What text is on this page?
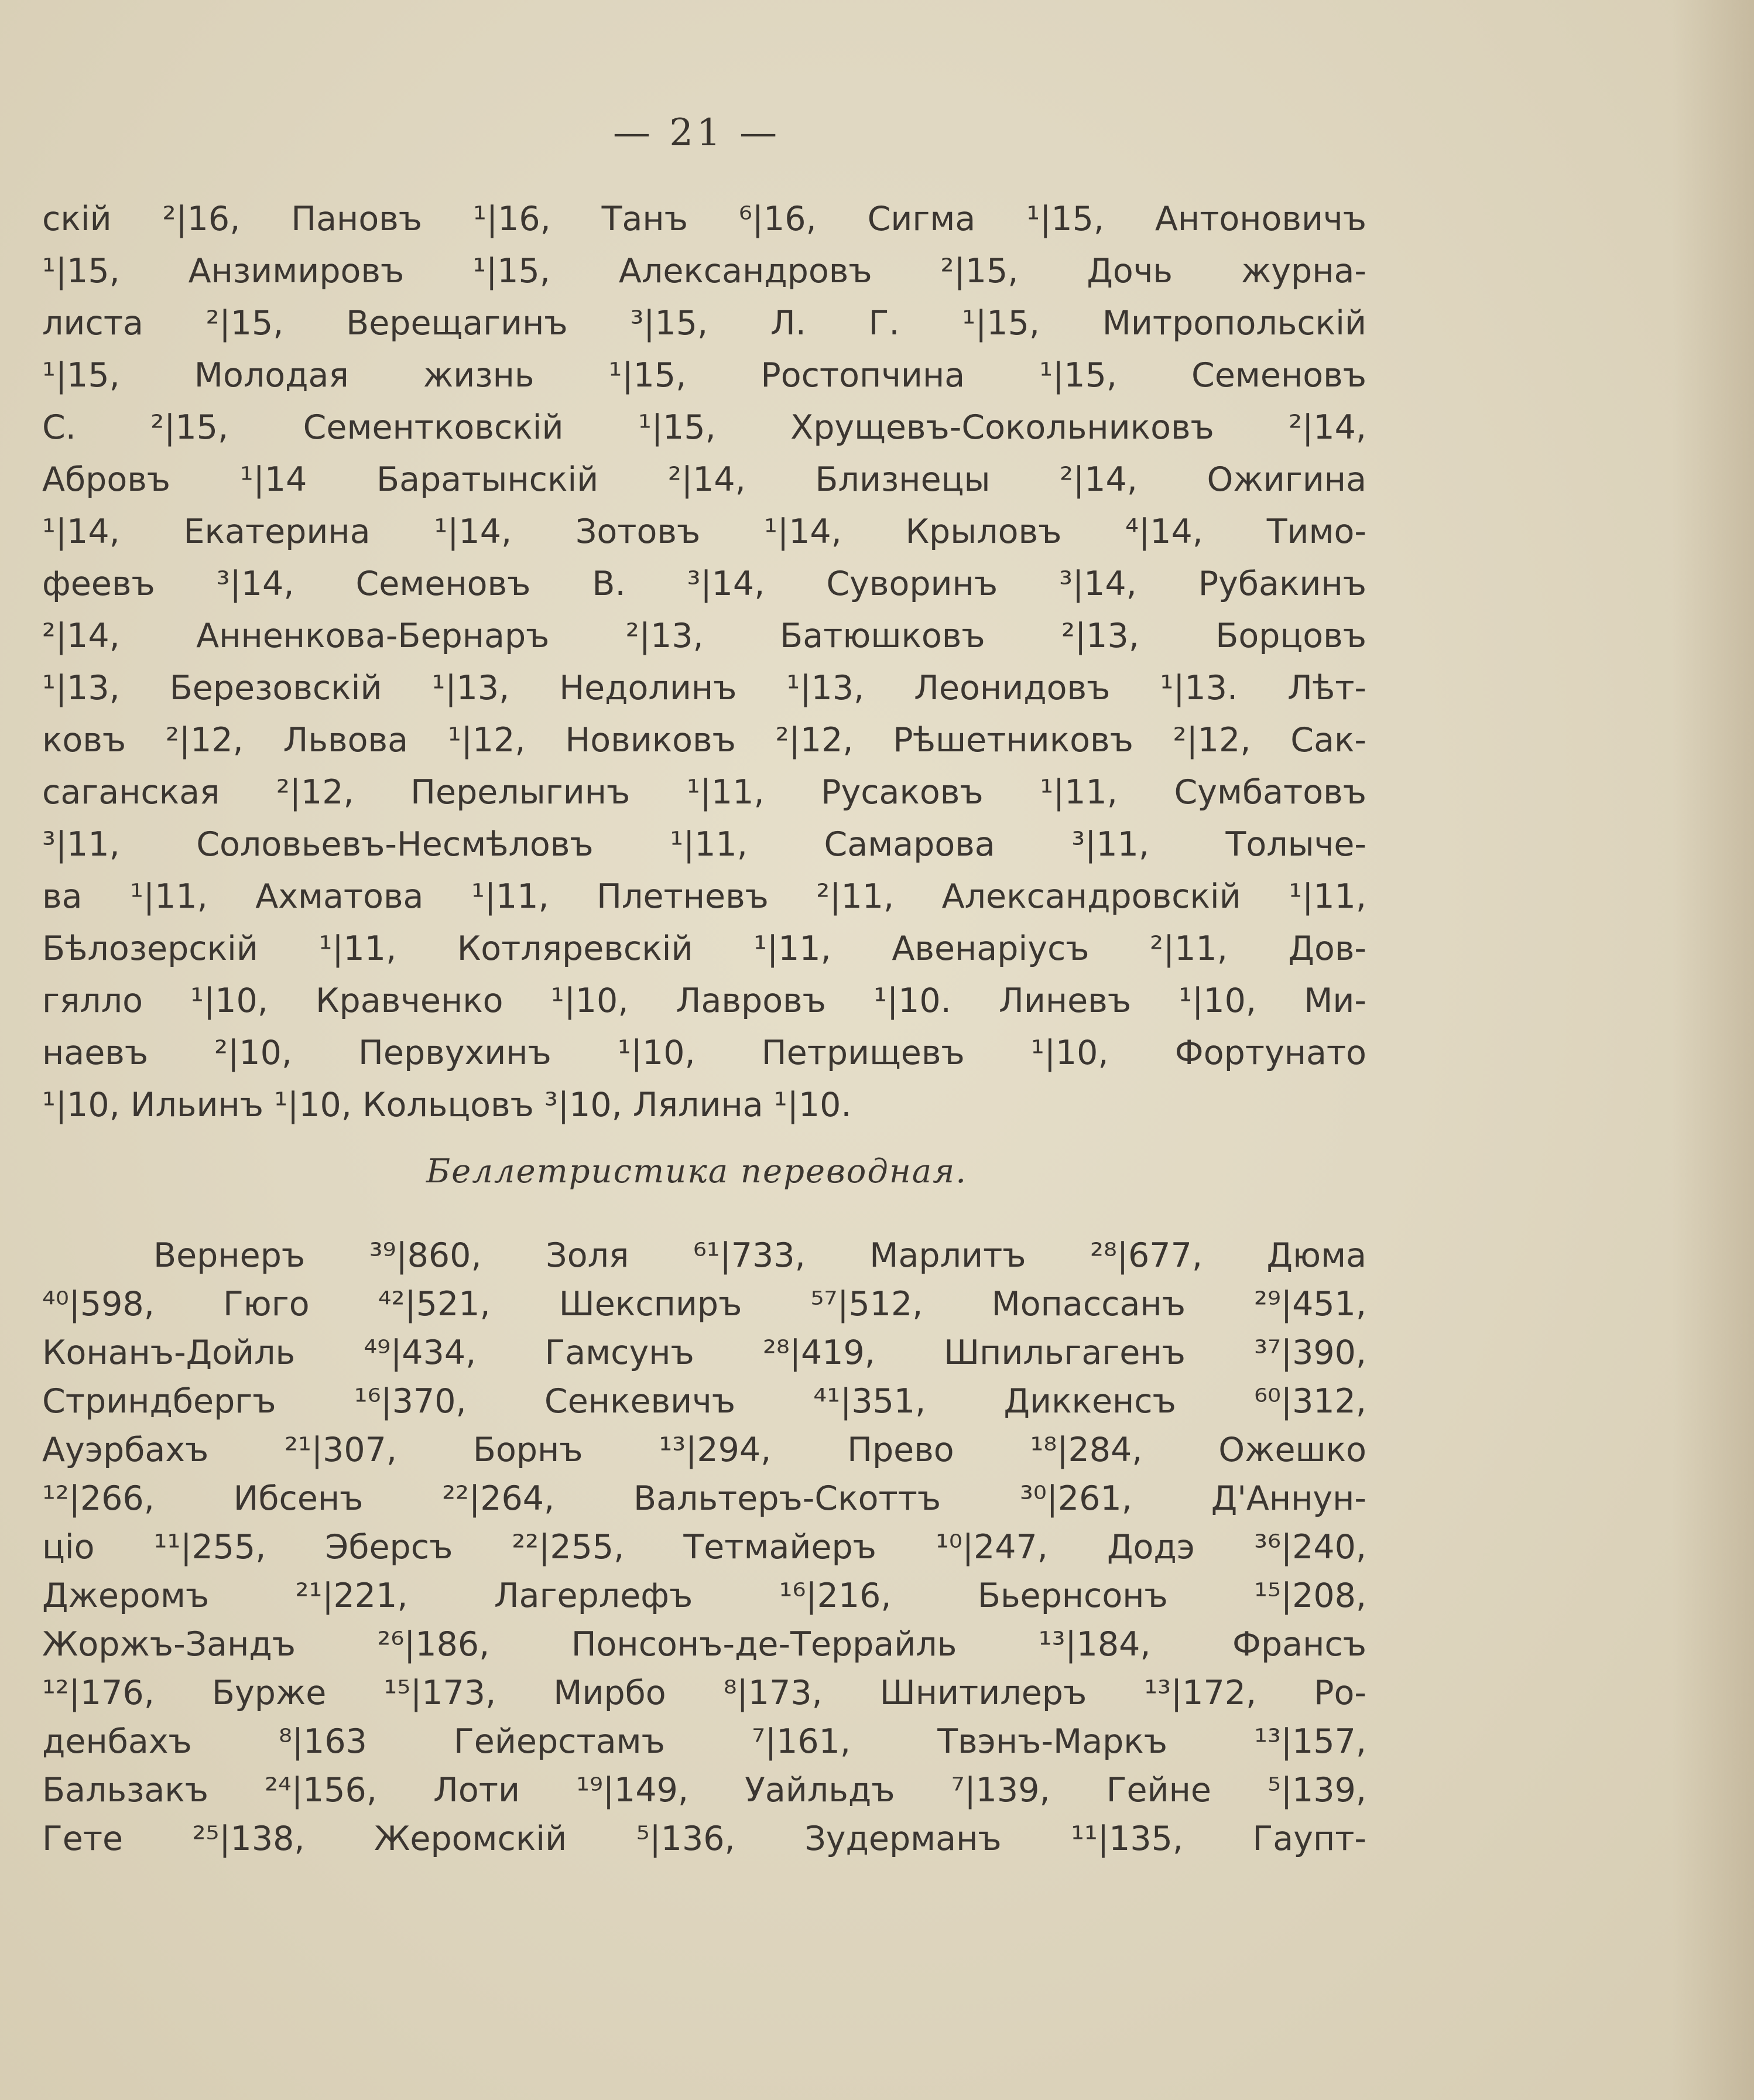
— 21 —
скій ²|16, Пановъ ¹|16, Танъ ⁶|16, Сигма ¹|15, Антоновичъ
¹|15, Анзимировъ ¹|15, Александровъ ²|15, Дочь журна-
листа ²|15, Верещагинъ ³|15, Л. Г. ¹|15, Митропольскій
¹|15, Молодая жизнь ¹|15, Ростопчина ¹|15, Семеновъ
С. ²|15, Сементковскій ¹|15, Хрущевъ-Сокольниковъ ²|14,
Абровъ ¹|14 Баратынскій ²|14, Близнецы ²|14, Ожигина
¹|14, Екатерина ¹|14, Зотовъ ¹|14, Крыловъ ⁴|14, Тимо-
феевъ ³|14, Семеновъ В. ³|14, Суворинъ ³|14, Рубакинъ
²|14, Анненкова-Бернаръ ²|13, Батюшковъ ²|13, Борцовъ
¹|13, Березовскій ¹|13, Недолинъ ¹|13, Леонидовъ ¹|13. Лѣт-
ковъ ²|12, Львова ¹|12, Новиковъ ²|12, Рѣшетниковъ ²|12, Сак-
саганская ²|12, Перелыгинъ ¹|11, Русаковъ ¹|11, Сумбатовъ
³|11, Соловьевъ-Несмѣловъ ¹|11, Самарова ³|11, Толыче-
ва ¹|11, Ахматова ¹|11, Плетневъ ²|11, Александровскій ¹|11,
Бѣлозерскій ¹|11, Котляревскій ¹|11, Авенаріусъ ²|11, Дов-
гялло ¹|10, Кравченко ¹|10, Лавровъ ¹|10. Линевъ ¹|10, Ми-
наевъ ²|10, Первухинъ ¹|10, Петрищевъ ¹|10, Фортунато
¹|10, Ильинъ ¹|10, Кольцовъ ³|10, Лялина ¹|10.
Беллетристика переводная.
Вернеръ ³⁹|860, Золя ⁶¹|733, Марлитъ ²⁸|677, Дюма
⁴⁰|598, Гюго ⁴²|521, Шекспиръ ⁵⁷|512, Мопассанъ ²⁹|451,
Конанъ-Дойль ⁴⁹|434, Гамсунъ ²⁸|419, Шпильгагенъ ³⁷|390,
Стриндбергъ ¹⁶|370, Сенкевичъ ⁴¹|351, Диккенсъ ⁶⁰|312,
Ауэрбахъ ²¹|307, Борнъ ¹³|294, Прево ¹⁸|284, Ожешко
¹²|266, Ибсенъ ²²|264, Вальтеръ-Скоттъ ³⁰|261, Д'Аннун-
ціо ¹¹|255, Эберсъ ²²|255, Тетмайеръ ¹⁰|247, Додэ ³⁶|240,
Джеромъ ²¹|221, Лагерлефъ ¹⁶|216, Бьернсонъ ¹⁵|208,
Жоржъ-Зандъ ²⁶|186, Понсонъ-де-Террайль ¹³|184, Франсъ
¹²|176, Бурже ¹⁵|173, Мирбо ⁸|173, Шнитилеръ ¹³|172, Ро-
денбахъ ⁸|163 Гейерстамъ ⁷|161, Твэнъ-Маркъ ¹³|157,
Бальзакъ ²⁴|156, Лоти ¹⁹|149, Уайльдъ ⁷|139, Гейне ⁵|139,
Гете ²⁵|138, Жеромскій ⁵|136, Зудерманъ ¹¹|135, Гаупт-
